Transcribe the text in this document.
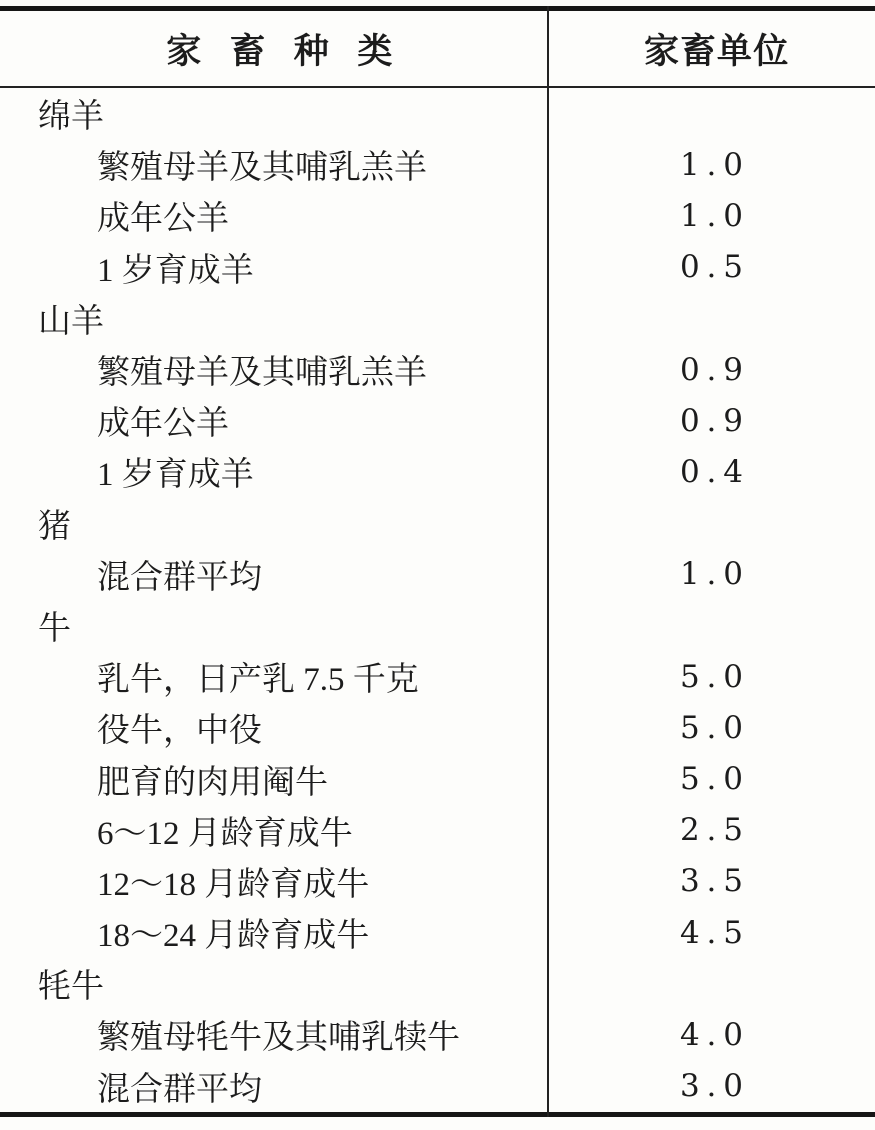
家畜种类	家畜单位
绵羊
繁殖母羊及其哺乳羔羊	1.0
成年公羊	1.0
1 岁育成羊	0.5
山羊
繁殖母羊及其哺乳羔羊	0.9
成年公羊	0.9
1 岁育成羊	0.4
猪
混合群平均	1.0
牛
乳牛，日产乳 7.5 千克	5.0
役牛，中役	5.0
肥育的肉用阉牛	5.0
6～12 月龄育成牛	2.5
12～18 月龄育成牛	3.5
18～24 月龄育成牛	4.5
牦牛
繁殖母牦牛及其哺乳犊牛	4.0
混合群平均	3.0
